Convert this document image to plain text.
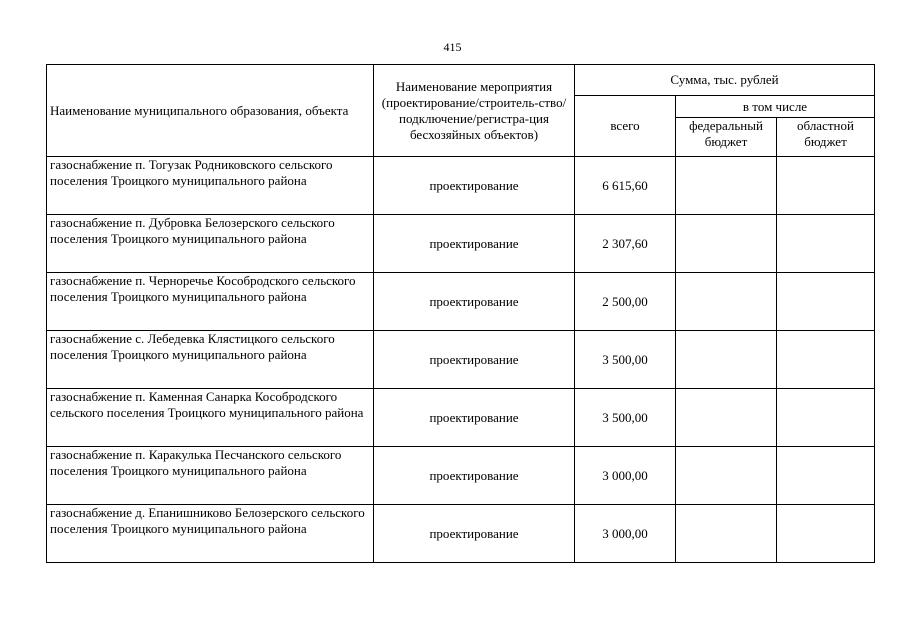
415
Наименование муниципального образования, объекта	Наименование мероприятия (проектирование/строитель-ство/подключение/регистра-ция бесхозяйных объектов)	Сумма, тыс. рублей		
		всего	в том числе	
			федеральный бюджет	областной бюджет
газоснабжение п. Тогузак Родниковского сельского поселения Троицкого муниципального района	проектирование	6 615,60		
газоснабжение п. Дубровка Белозерского сельского поселения Троицкого муниципального района	проектирование	2 307,60		
газоснабжение п. Черноречье Кособродского сельского поселения Троицкого муниципального района	проектирование	2 500,00		
газоснабжение с. Лебедевка Клястицкого сельского поселения Троицкого муниципального района	проектирование	3 500,00		
газоснабжение п. Каменная Санарка Кособродского сельского поселения Троицкого муниципального района	проектирование	3 500,00		
газоснабжение п. Каракулька Песчанского сельского поселения Троицкого муниципального района	проектирование	3 000,00		
газоснабжение д. Епанишниково Белозерского сельского поселения Троицкого муниципального района	проектирование	3 000,00		
